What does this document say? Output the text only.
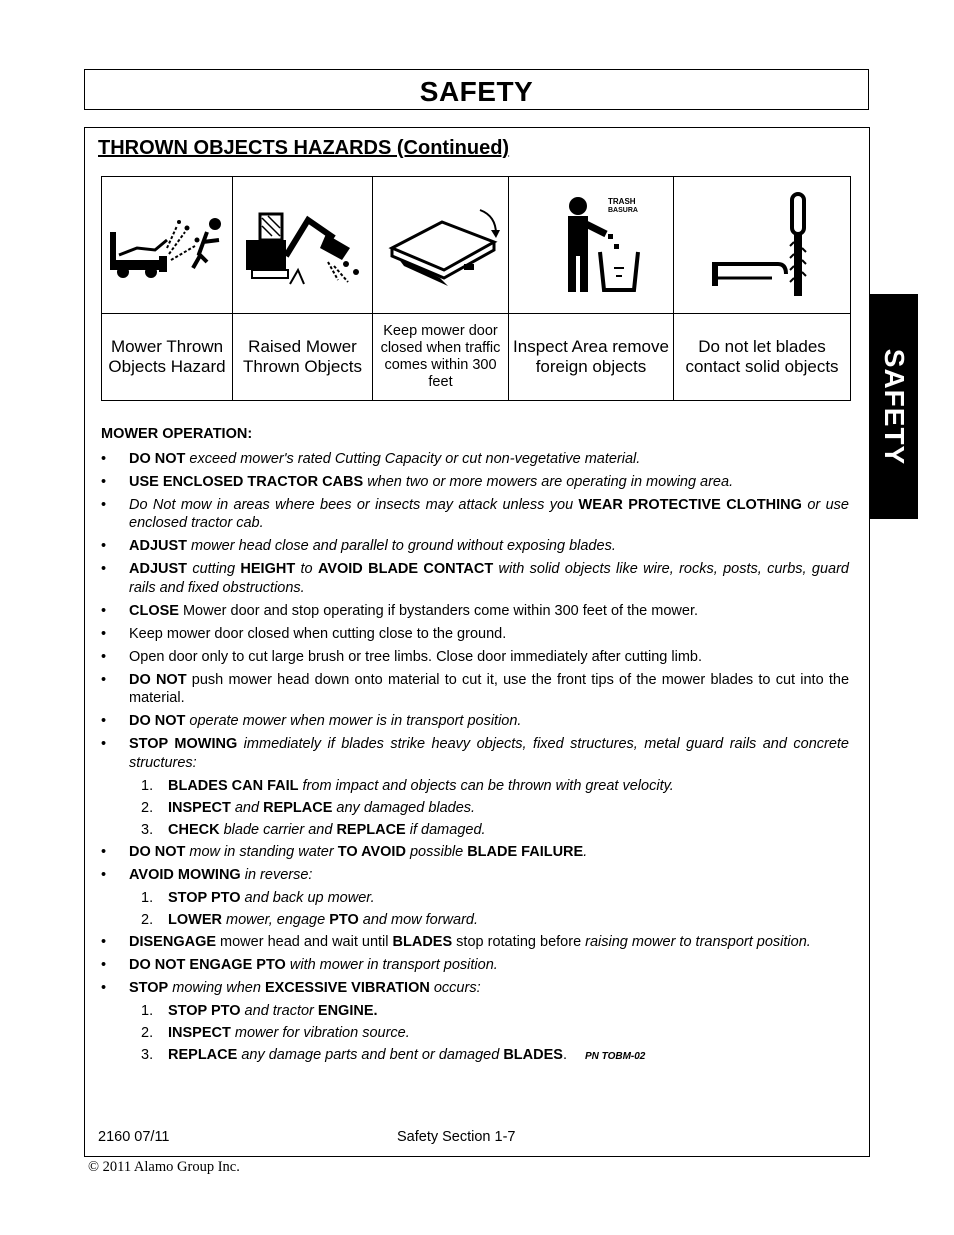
SAFETY
SAFETY
THROWN OBJECTS HAZARDS (Continued)

TRASH
BASURA

Mower Thrown Objects Hazard	Raised Mower Thrown Objects	Keep mower door closed when traffic comes within 300 feet	Inspect Area remove foreign objects	Do not let blades contact solid objects
MOWER OPERATION:
• DO NOT exceed mower's rated Cutting Capacity or cut non-vegetative material.
• USE ENCLOSED TRACTOR CABS when two or more mowers are operating in mowing area.
• Do Not mow in areas where bees or insects may attack unless you WEAR PROTECTIVE CLOTHING or use enclosed tractor cab.
• ADJUST mower head close and parallel to ground without exposing blades.
• ADJUST cutting HEIGHT to AVOID BLADE CONTACT with solid objects like wire, rocks, posts, curbs, guard rails and fixed obstructions.
• CLOSE Mower door and stop operating if bystanders come within 300 feet of the mower.
• Keep mower door closed when cutting close to the ground.
• Open door only to cut large brush or tree limbs. Close door immediately after cutting limb.
• DO NOT push mower head down onto material to cut it, use the front tips of the mower blades to cut into the material.
• DO NOT operate mower when mower is in transport position.
• STOP MOWING immediately if blades strike heavy objects, fixed structures, metal guard rails and concrete structures:
1. BLADES CAN FAIL from impact and objects can be thrown with great velocity.
2. INSPECT and REPLACE any damaged blades.
3. CHECK blade carrier and REPLACE if damaged.
• DO NOT mow in standing water TO AVOID possible BLADE FAILURE.
• AVOID MOWING in reverse:
1. STOP PTO and back up mower.
2. LOWER mower, engage PTO and mow forward.
• DISENGAGE mower head and wait until BLADES stop rotating before raising mower to transport position.
• DO NOT ENGAGE PTO with mower in transport position.
• STOP mowing when EXCESSIVE VIBRATION occurs:
1. STOP PTO and tractor ENGINE.
2. INSPECT mower for vibration source.
3. REPLACE any damage parts and bent or damaged BLADES. PN TOBM-02
2160 07/11	Safety Section 1-7
© 2011 Alamo Group Inc.
